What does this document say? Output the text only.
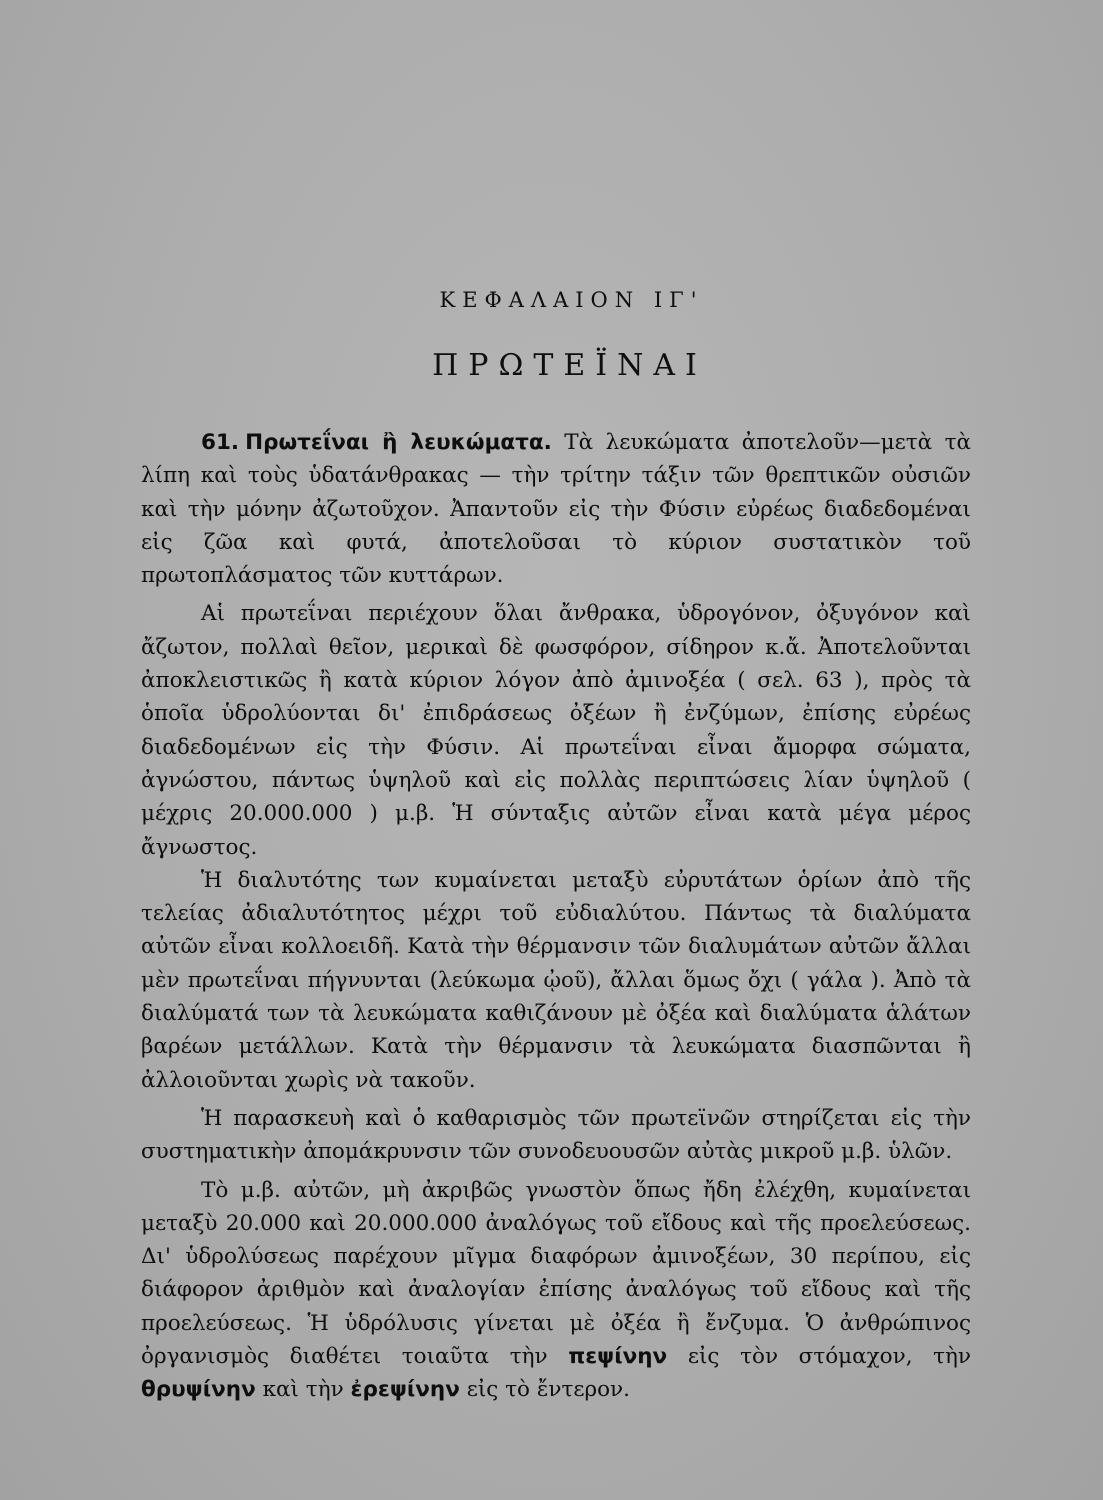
ΚΕΦΑΛΑΙΟΝ ΙΓ'
ΠΡΩΤΕΪΝΑΙ

61. Πρωτεΐναι ἢ λευκώματα. Τὰ λευκώματα ἀποτελοῦν—μετὰ τὰ λίπη καὶ τοὺς ὑδατάνθρακας — τὴν τρίτην τάξιν τῶν θρεπτικῶν οὐσιῶν καὶ τὴν μόνην ἀζωτοῦχον. Ἀπαντοῦν εἰς τὴν Φύσιν εὐρέως διαδεδομέναι εἰς ζῶα καὶ φυτά, ἀποτελοῦσαι τὸ κύριον συστατικὸν τοῦ πρωτοπλάσματος τῶν κυττάρων.

Αἱ πρωτεΐναι περιέχουν ὅλαι ἄνθρακα, ὑδρογόνον, ὀξυγόνον καὶ ἄζωτον, πολλαὶ θεῖον, μερικαὶ δὲ φωσφόρον, σίδηρον κ.ἄ. Ἀποτελοῦνται ἀποκλειστικῶς ἢ κατὰ κύριον λόγον ἀπὸ ἀμινοξέα ( σελ. 63 ), πρὸς τὰ ὁποῖα ὑδρολύονται δι' ἐπιδράσεως ὀξέων ἢ ἐνζύμων, ἐπίσης εὐρέως διαδεδομένων εἰς τὴν Φύσιν. Αἱ πρωτεΐναι εἶναι ἄμορφα σώματα, ἀγνώστου, πάντως ὑψηλοῦ καὶ εἰς πολλὰς περιπτώσεις λίαν ὑψηλοῦ ( μέχρις 20.000.000 ) μ.β. Ἡ σύνταξις αὐτῶν εἶναι κατὰ μέγα μέρος ἄγνωστος.

Ἡ διαλυτότης των κυμαίνεται μεταξὺ εὐρυτάτων ὁρίων ἀπὸ τῆς τελείας ἀδιαλυτότητος μέχρι τοῦ εὐδιαλύτου. Πάντως τὰ διαλύματα αὐτῶν εἶναι κολλοειδῆ. Κατὰ τὴν θέρμανσιν τῶν διαλυμάτων αὐτῶν ἄλλαι μὲν πρωτεΐναι πήγνυνται (λεύκωμα ᾠοῦ), ἄλλαι ὅμως ὄχι ( γάλα ). Ἀπὸ τὰ διαλύματά των τὰ λευκώματα καθιζάνουν μὲ ὀξέα καὶ διαλύματα ἁλάτων βαρέων μετάλλων. Κατὰ τὴν θέρμανσιν τὰ λευκώματα διασπῶνται ἢ ἀλλοιοῦνται χωρὶς νὰ τακοῦν.

Ἡ παρασκευὴ καὶ ὁ καθαρισμὸς τῶν πρωτεϊνῶν στηρίζεται εἰς τὴν συστηματικὴν ἀπομάκρυνσιν τῶν συνοδευουσῶν αὐτὰς μικροῦ μ.β. ὑλῶν.

Τὸ μ.β. αὐτῶν, μὴ ἀκριβῶς γνωστὸν ὅπως ἤδη ἐλέχθη, κυμαίνεται μεταξὺ 20.000 καὶ 20.000.000 ἀναλόγως τοῦ εἴδους καὶ τῆς προελεύσεως. Δι' ὑδρολύσεως παρέχουν μῖγμα διαφόρων ἀμινοξέων, 30 περίπου, εἰς διάφορον ἀριθμὸν καὶ ἀναλογίαν ἐπίσης ἀναλόγως τοῦ εἴδους καὶ τῆς προελεύσεως. Ἡ ὑδρόλυσις γίνεται μὲ ὀξέα ἢ ἔνζυμα. Ὁ ἀνθρώπινος ὀργανισμὸς διαθέτει τοιαῦτα τὴν πεψίνην εἰς τὸν στόμαχον, τὴν θρυψίνην καὶ τὴν ἐρεψίνην εἰς τὸ ἔντερον.
